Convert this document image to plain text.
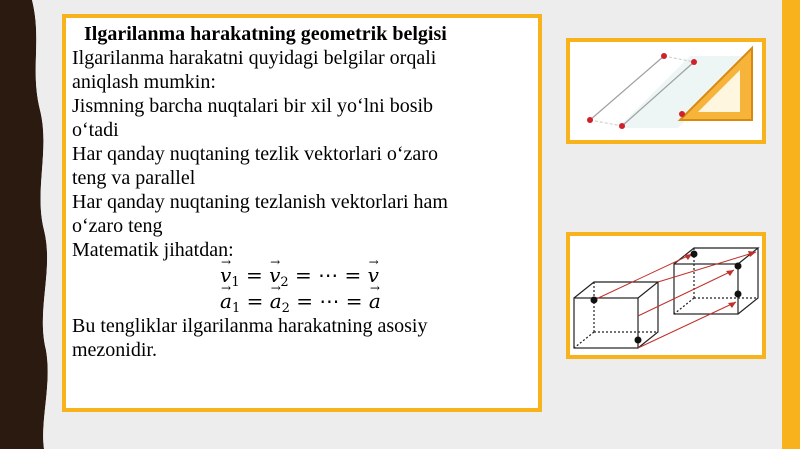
Ilgarilanma harakatning geometrik belgisi

Ilgarilanma harakatni quyidagi belgilar orqali

aniqlash mumkin:

Jismning barcha nuqtalari bir xil yo‘lni bosib

o‘tadi

Har qanday nuqtaning tezlik vektorlari o‘zaro

teng va parallel

Har qanday nuqtaning tezlanish vektorlari ham

o‘zaro teng

Matematik jihatdan:

→ $v_1$ = → $v_2$ = ⋯ = → v

→ $a_1$ = → $a_2$ = ⋯ = → a

Bu tengliklar ilgarilanma harakatning asosiy

mezonidir.
